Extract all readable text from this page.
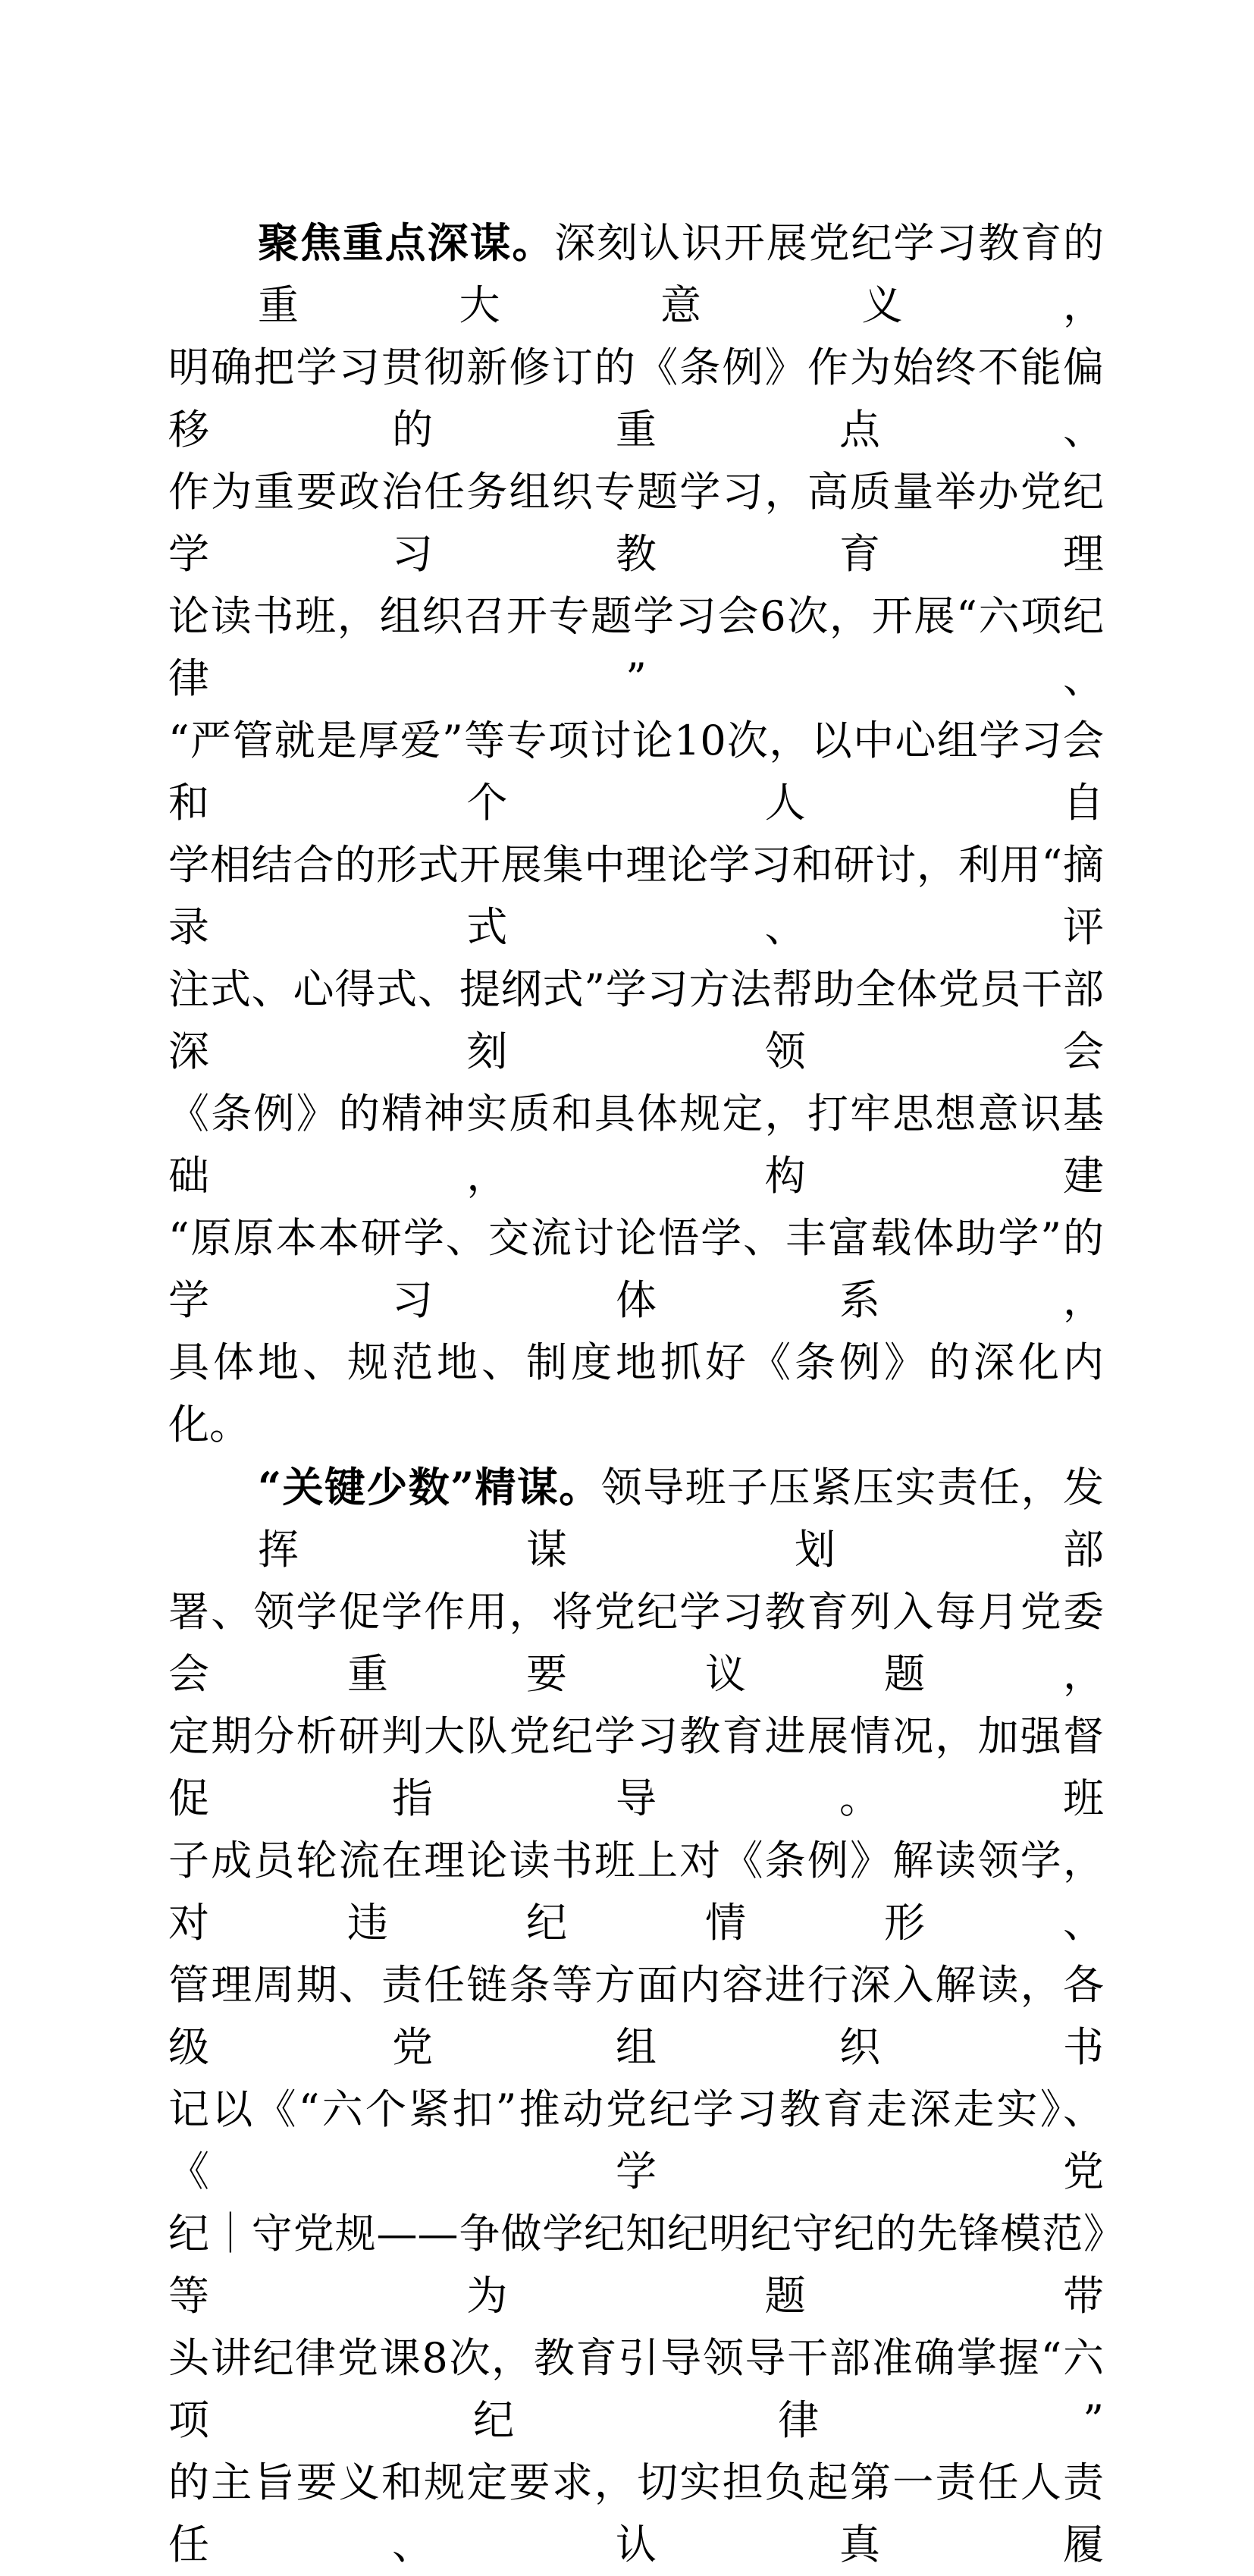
聚焦重点深谋。深刻认识开展党纪学习教育的重大意义，
明确把学习贯彻新修订的《条例》作为始终不能偏移的重点、
作为重要政治任务组织专题学习，高质量举办党纪学习教育理
论读书班，组织召开专题学习会6次，开展“六项纪律”、
“严管就是厚爱”等专项讨论10次，以中心组学习会和个人自
学相结合的形式开展集中理论学习和研讨，利用“摘录式、评
注式、心得式、提纲式”学习方法帮助全体党员干部深刻领会
《条例》的精神实质和具体规定，打牢思想意识基础，构建
“原原本本研学、交流讨论悟学、丰富载体助学”的学习体系，
具体地、规范地、制度地抓好《条例》的深化内化。
“关键少数”精谋。领导班子压紧压实责任，发挥谋划部
署、领学促学作用，将党纪学习教育列入每月党委会重要议题，
定期分析研判大队党纪学习教育进展情况，加强督促指导。班
子成员轮流在理论读书班上对《条例》解读领学，对违纪情形、
管理周期、责任链条等方面内容进行深入解读，各级党组织书
记以《“六个紧扣”推动党纪学习教育走深走实》、《学党
纪｜守党规——争做学纪知纪明纪守纪的先锋模范》等为题带
头讲纪律党课8次，教育引导领导干部准确掌握“六项纪律”
的主旨要义和规定要求，切实担负起第一责任人责任、认真履
